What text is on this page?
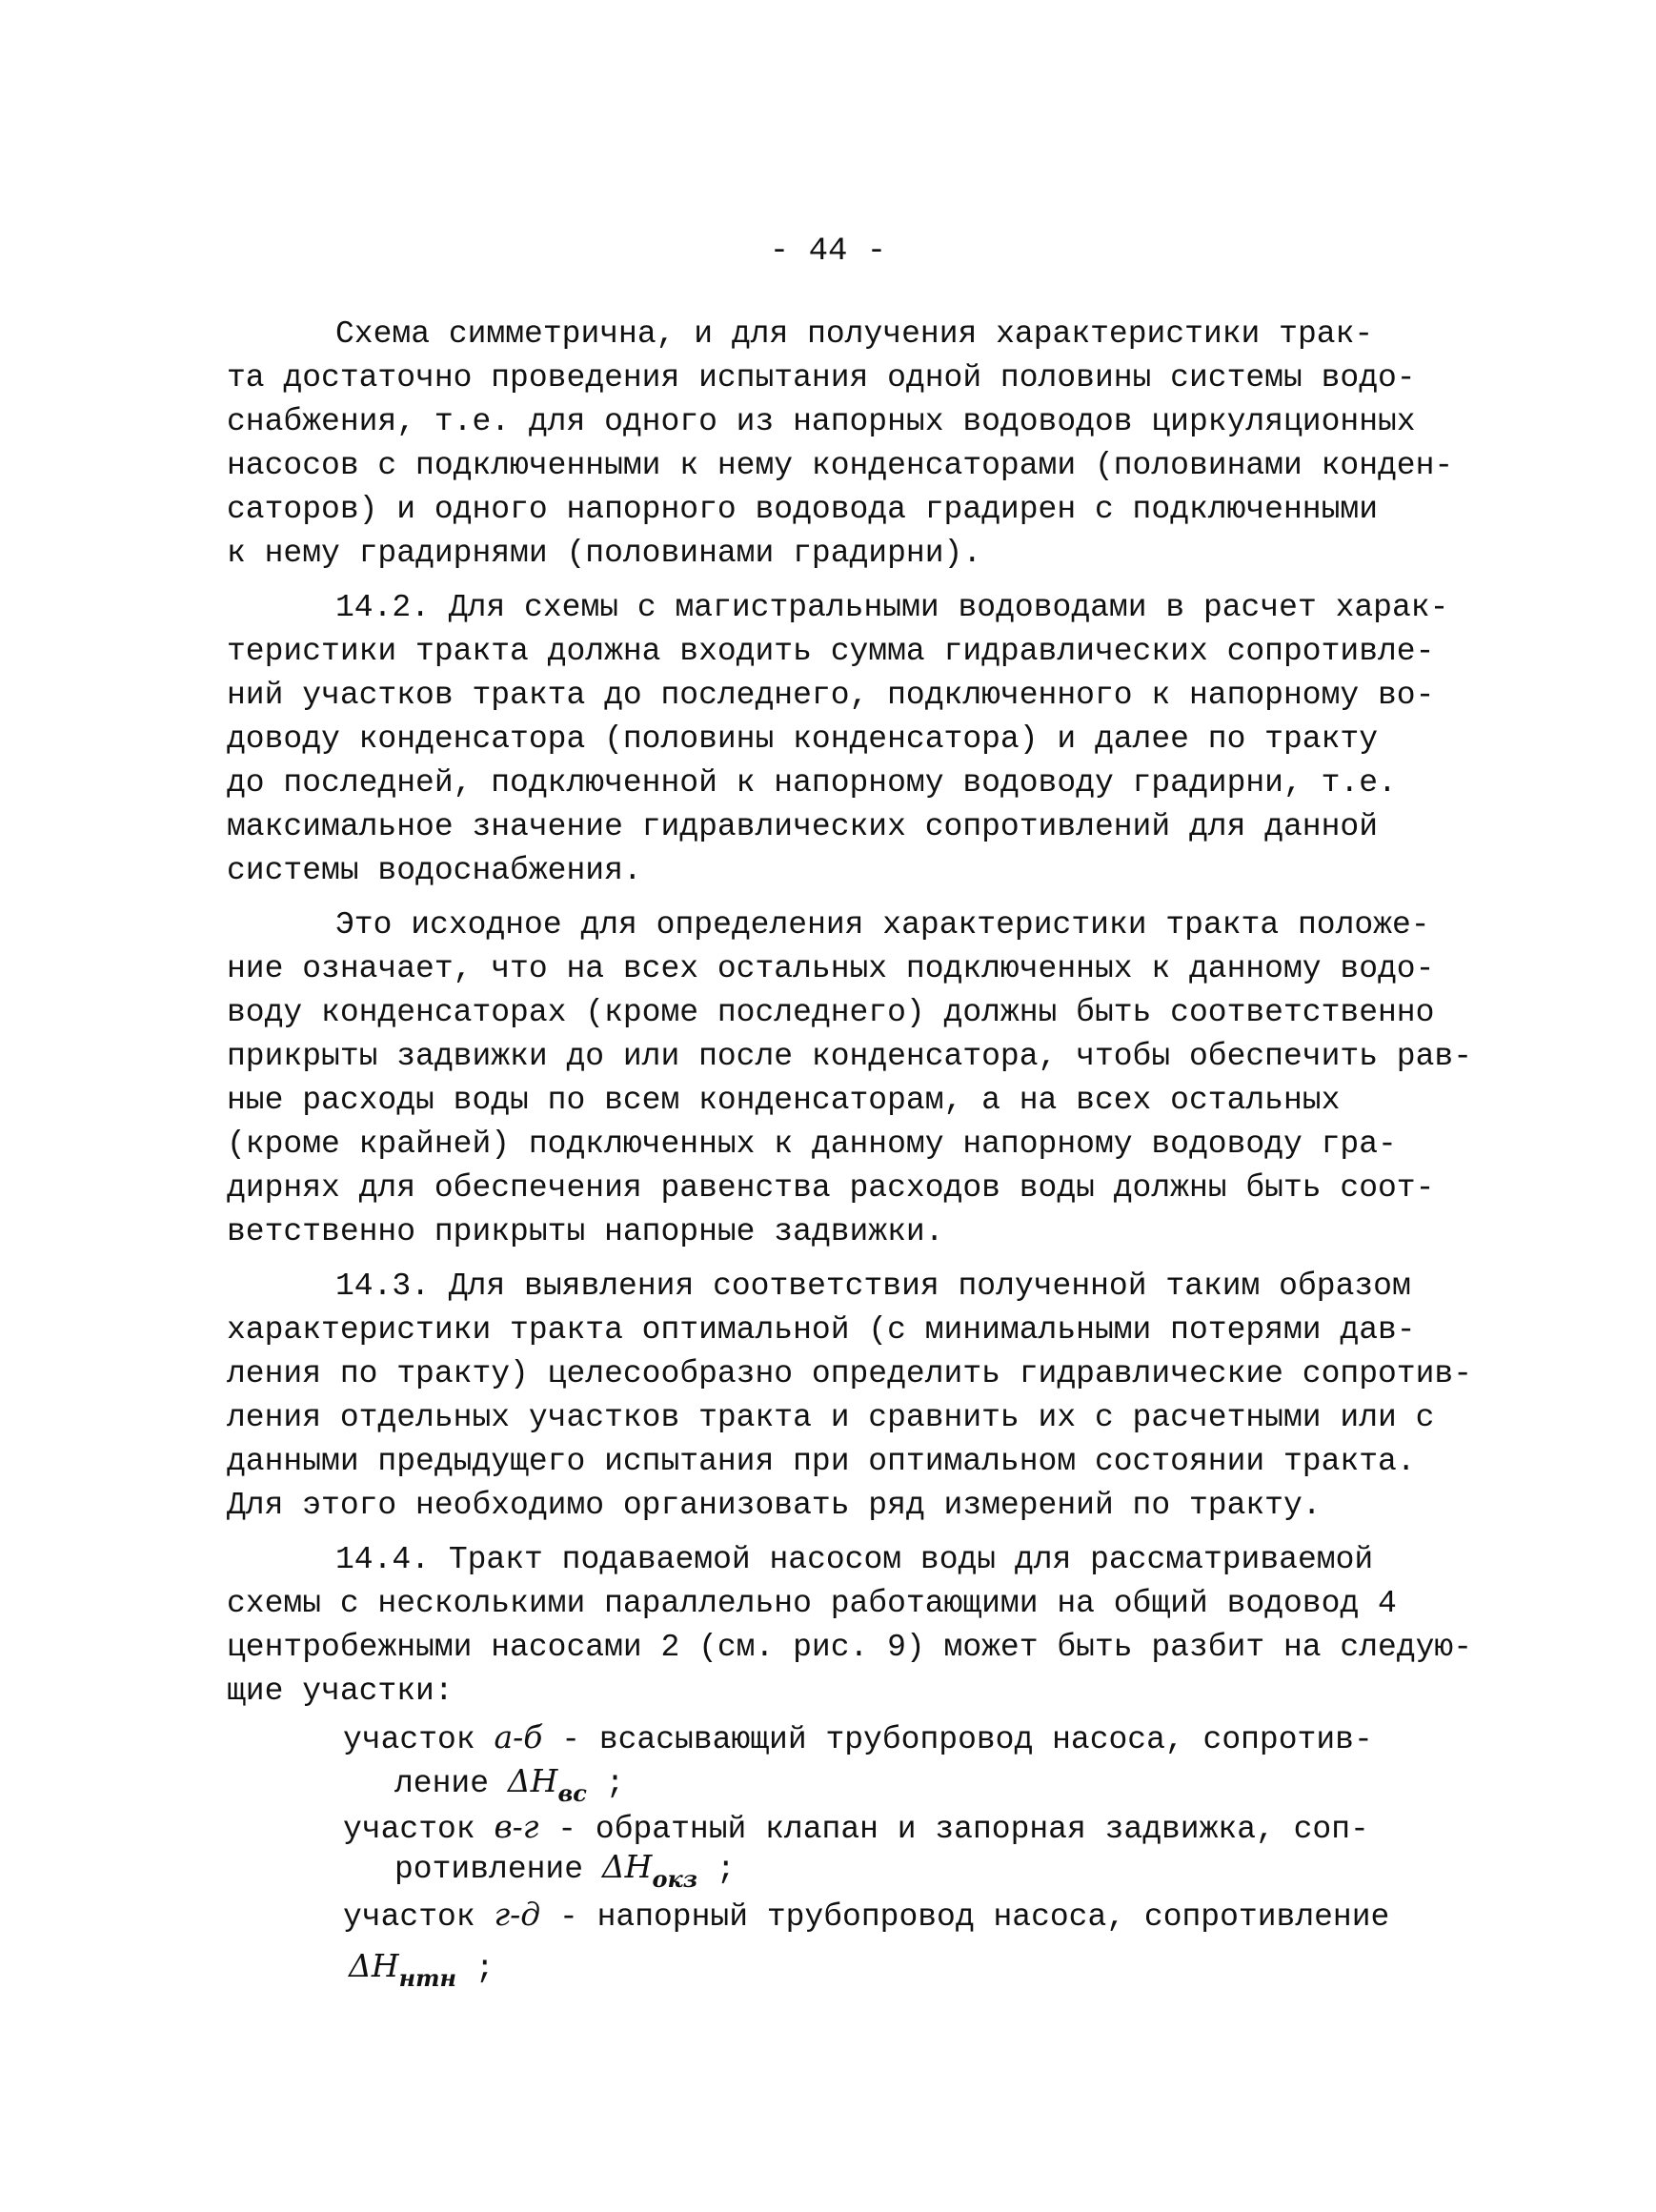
- 44 -
Схема симметрична, и для получения характеристики трак-
та достаточно проведения испытания одной половины системы водо-
снабжения, т.е. для одного из напорных водоводов циркуляционных
насосов с подключенными к нему конденсаторами (половинами конден-
саторов) и одного напорного водовода градирен с подключенными
к нему градирнями (половинами градирни).
14.2. Для схемы с магистральными водоводами в расчет харак-
теристики тракта должна входить сумма гидравлических сопротивле-
ний участков тракта до последнего, подключенного к напорному во-
доводу конденсатора (половины конденсатора) и далее по тракту
до последней, подключенной к напорному водоводу градирни, т.е.
максимальное значение гидравлических сопротивлений для данной
системы водоснабжения.
Это исходное для определения характеристики тракта положе-
ние означает, что на всех остальных подключенных к данному водо-
воду конденсаторах (кроме последнего) должны быть соответственно
прикрыты задвижки до или после конденсатора, чтобы обеспечить рав-
ные расходы воды по всем конденсаторам, а на всех остальных
(кроме крайней) подключенных к данному напорному водоводу гра-
дирнях для обеспечения равенства расходов воды должны быть соот-
ветственно прикрыты напорные задвижки.
14.3. Для выявления соответствия полученной таким образом
характеристики тракта оптимальной (с минимальными потерями дав-
ления по тракту) целесообразно определить гидравлические сопротив-
ления отдельных участков тракта и сравнить их с расчетными или с
данными предыдущего испытания при оптимальном состоянии тракта.
Для этого необходимо организовать ряд измерений по тракту.
14.4. Тракт подаваемой насосом воды для рассматриваемой
схемы с несколькими параллельно работающими на общий водовод 4
центробежными насосами 2 (см. рис. 9) может быть разбит на следую-
щие участки:
участок а-б - всасывающий трубопровод насоса, сопротив-
ление $\Delta H_{вс}$ ;
участок в-г - обратный клапан и запорная задвижка, соп-
ротивление $\Delta H_{окз}$ ;
участок г-д - напорный трубопровод насоса, сопротивление
$\Delta H_{нтн}$ ;
